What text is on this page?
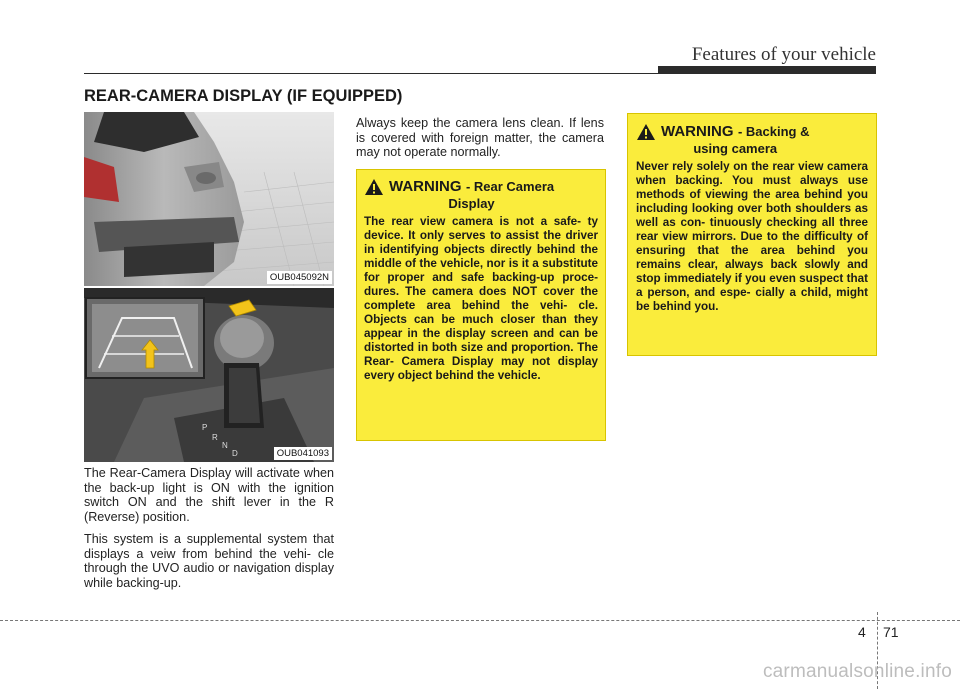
Features of your vehicle
REAR-CAMERA DISPLAY (IF EQUIPPED)
OUB045092N
P
R
N
D	OUB041093

The Rear-Camera Display will activate when the back-up light is ON with the ignition switch ON and the shift lever in the R (Reverse) position.

This system is a supplemental system that displays a veiw from behind the vehi- cle through the UVO audio or navigation display while backing-up.

Always keep the camera lens clean. If lens is covered with foreign matter, the camera may not operate normally.

WARNING - Rear Camera
Display

The rear view camera is not a safe- ty device. It only serves to assist the driver in identifying objects directly behind the middle of the vehicle, nor is it a substitute for proper and safe backing-up proce- dures. The camera does NOT cover the complete area behind the vehi- cle. Objects can be much closer than they appear in the display screen and can be distorted in both size and proportion. The Rear- Camera Display may not display every object behind the vehicle.

WARNING - Backing &
using camera

Never rely solely on the rear view camera when backing. You must always use methods of viewing the area behind you including looking over both shoulders as well as con- tinuously checking all three rear view mirrors. Due to the difficulty of ensuring that the area behind you remains clear, always back slowly and stop immediately if you even suspect that a person, and espe- cially a child, might be behind you.

4 71
carmanualsonline.info
